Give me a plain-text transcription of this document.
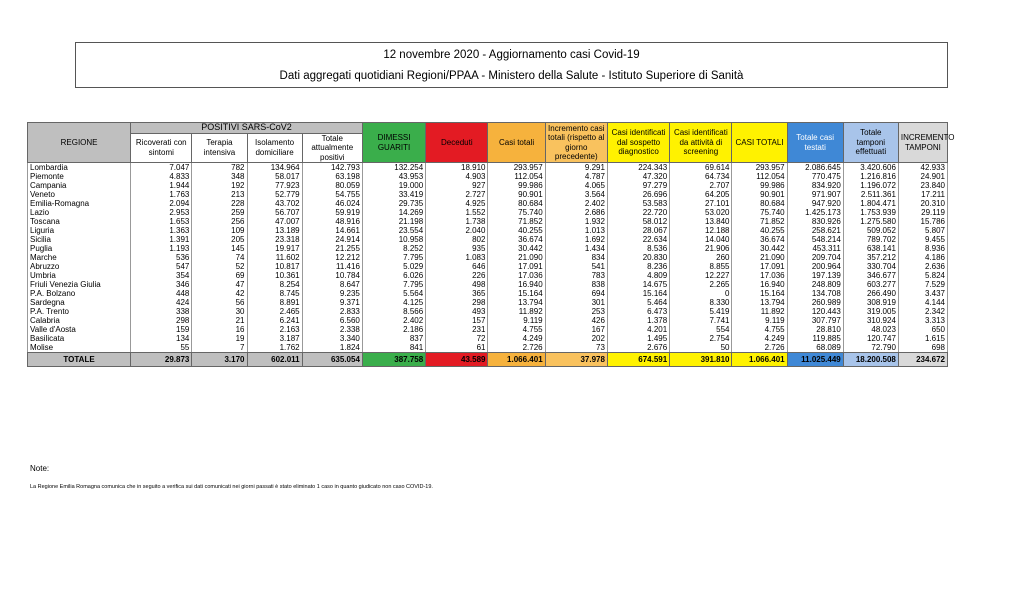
12 novembre 2020 - Aggiornamento casi Covid-19
Dati aggregati quotidiani Regioni/PPAA - Ministero della Salute - Istituto Superiore di Sanità
REGIONE	POSITIVI SARS-CoV2				DIMESSI GUARITI	Deceduti	Casi totali	Incremento casi totali (rispetto al giorno precedente)	Casi identificati dal sospetto diagnostico	Casi identificati da attività di screening	CASI TOTALI	Totale casi testati	Totale tamponi effettuati	INCREMENTO TAMPONI
	Ricoverati con sintomi	Terapia intensiva	Isolamento domiciliare	Totale attualmente positivi										
Lombardia	7.047	782	134.964	142.793	132.254	18.910	293.957	9.291	224.343	69.614	293.957	2.086.645	3.420.606	42.933
Piemonte	4.833	348	58.017	63.198	43.953	4.903	112.054	4.787	47.320	64.734	112.054	770.475	1.216.816	24.901
Campania	1.944	192	77.923	80.059	19.000	927	99.986	4.065	97.279	2.707	99.986	834.920	1.196.072	23.840
Veneto	1.763	213	52.779	54.755	33.419	2.727	90.901	3.564	26.696	64.205	90.901	971.907	2.511.361	17.211
Emilia-Romagna	2.094	228	43.702	46.024	29.735	4.925	80.684	2.402	53.583	27.101	80.684	947.920	1.804.471	20.310
Lazio	2.953	259	56.707	59.919	14.269	1.552	75.740	2.686	22.720	53.020	75.740	1.425.173	1.753.939	29.119
Toscana	1.653	256	47.007	48.916	21.198	1.738	71.852	1.932	58.012	13.840	71.852	830.926	1.275.580	15.786
Liguria	1.363	109	13.189	14.661	23.554	2.040	40.255	1.013	28.067	12.188	40.255	258.621	509.052	5.807
Sicilia	1.391	205	23.318	24.914	10.958	802	36.674	1.692	22.634	14.040	36.674	548.214	789.702	9.455
Puglia	1.193	145	19.917	21.255	8.252	935	30.442	1.434	8.536	21.906	30.442	453.311	638.141	8.936
Marche	536	74	11.602	12.212	7.795	1.083	21.090	834	20.830	260	21.090	209.704	357.212	4.186
Abruzzo	547	52	10.817	11.416	5.029	646	17.091	541	8.236	8.855	17.091	200.964	330.704	2.636
Umbria	354	69	10.361	10.784	6.026	226	17.036	783	4.809	12.227	17.036	197.139	346.677	5.824
Friuli Venezia Giulia	346	47	8.254	8.647	7.795	498	16.940	838	14.675	2.265	16.940	248.809	603.277	7.529
P.A. Bolzano	448	42	8.745	9.235	5.564	365	15.164	694	15.164	0	15.164	134.708	266.490	3.437
Sardegna	424	56	8.891	9.371	4.125	298	13.794	301	5.464	8.330	13.794	260.989	308.919	4.144
P.A. Trento	338	30	2.465	2.833	8.566	493	11.892	253	6.473	5.419	11.892	120.443	319.005	2.342
Calabria	298	21	6.241	6.560	2.402	157	9.119	426	1.378	7.741	9.119	307.797	310.924	3.313
Valle d'Aosta	159	16	2.163	2.338	2.186	231	4.755	167	4.201	554	4.755	28.810	48.023	650
Basilicata	134	19	3.187	3.340	837	72	4.249	202	1.495	2.754	4.249	119.885	120.747	1.615
Molise	55	7	1.762	1.824	841	61	2.726	73	2.676	50	2.726	68.089	72.790	698
TOTALE	29.873	3.170	602.011	635.054	387.758	43.589	1.066.401	37.978	674.591	391.810	1.066.401	11.025.449	18.200.508	234.672
Note:
La Regione Emilia Romagna comunica che in seguito a verifica sui dati comunicati nei giorni passati è stato eliminato 1 caso in quanto giudicato non caso COVID-19.
